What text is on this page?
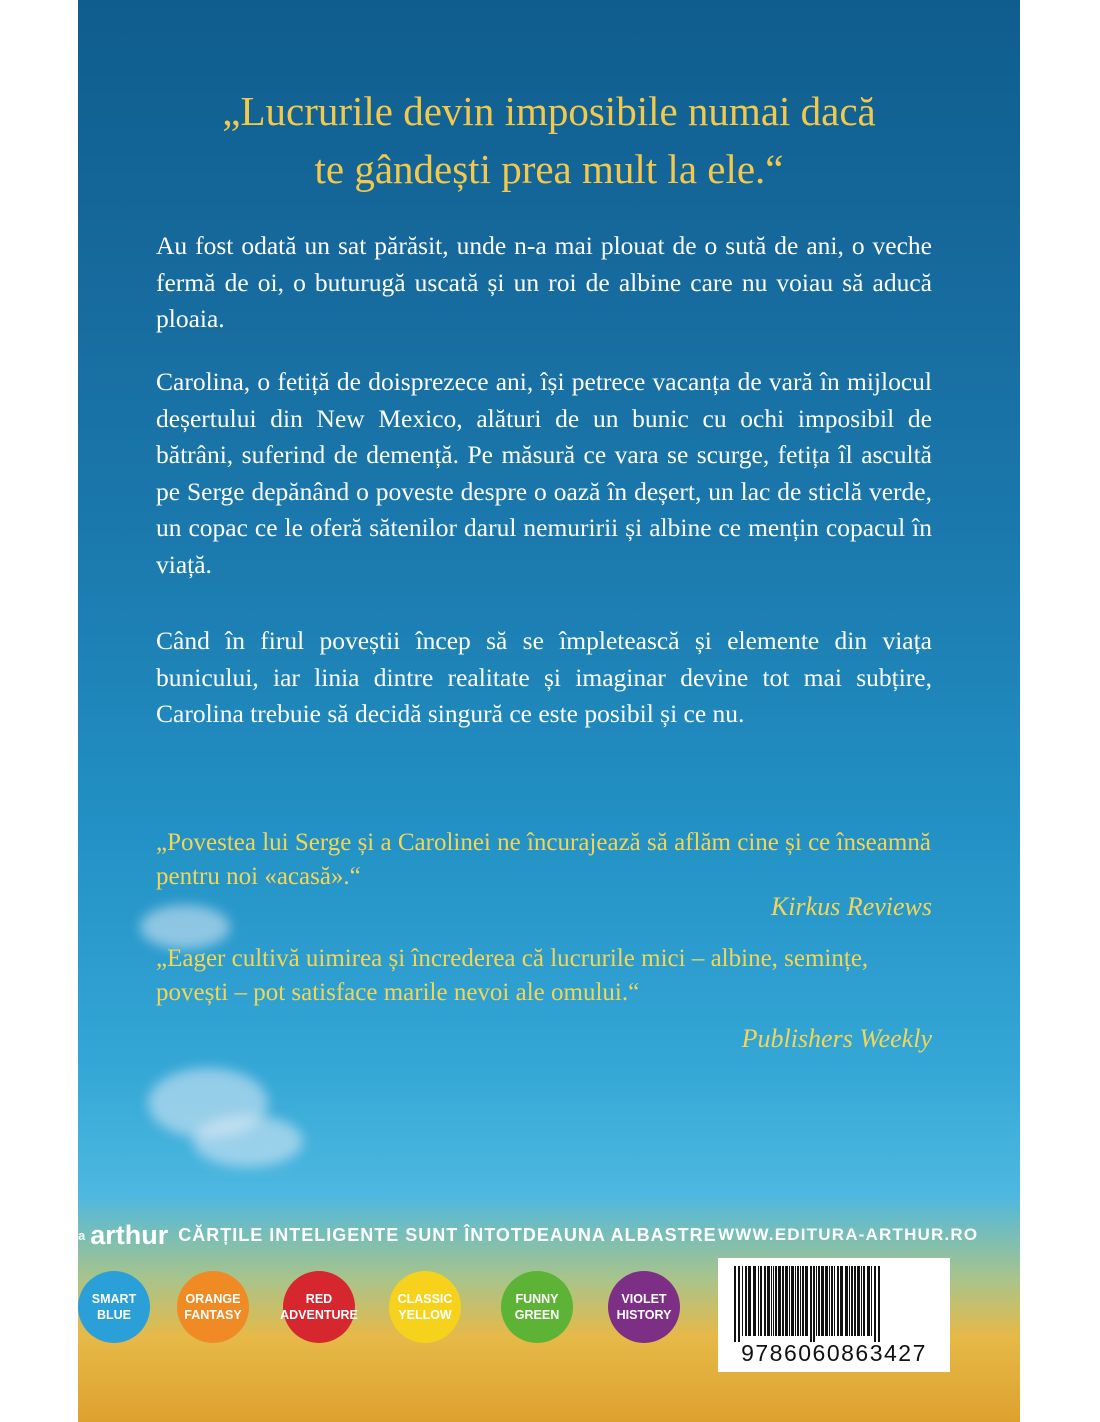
„Lucrurile devin imposibile numai dacă
te gândești prea mult la ele.“

Au fost odată un sat părăsit, unde n-a mai plouat de o sută de ani, o veche fermă de oi, o buturugă uscată și un roi de albine care nu voiau să aducă ploaia.

Carolina, o fetiță de doisprezece ani, își petrece vacanța de vară în mijlocul deșertului din New Mexico, alături de un bunic cu ochi imposibil de bătrâni, suferind de demență. Pe măsură ce vara se scurge, fetița îl ascultă pe Serge depănând o poveste despre o oază în deșert, un lac de sticlă verde, un copac ce le oferă sătenilor darul nemuririi și albine ce mențin copacul în viață.

Când în firul poveștii încep să se împletească și elemente din viața bunicului, iar linia dintre realitate și imaginar devine tot mai subțire, Carolina trebuie să decidă singură ce este posibil și ce nu.

„Povestea lui Serge și a Carolinei ne încurajează să aflăm cine și ce înseamnă pentru noi «acasă».“

Kirkus Reviews

„Eager cultivă uimirea și încrederea că lucrurile mici – albine, semințe, povești – pot satisface marile nevoi ale omului.“

Publishers Weekly
a arthur CĂRȚILE INTELIGENTE SUNT ÎNTOTDEAUNA ALBASTRE WWW.EDITURA-ARTHUR.RO
SMART
BLUE
ORANGE
FANTASY
RED
ADVENTURE
CLASSIC
YELLOW
FUNNY
GREEN
VIOLET
HISTORY
9786060863427
